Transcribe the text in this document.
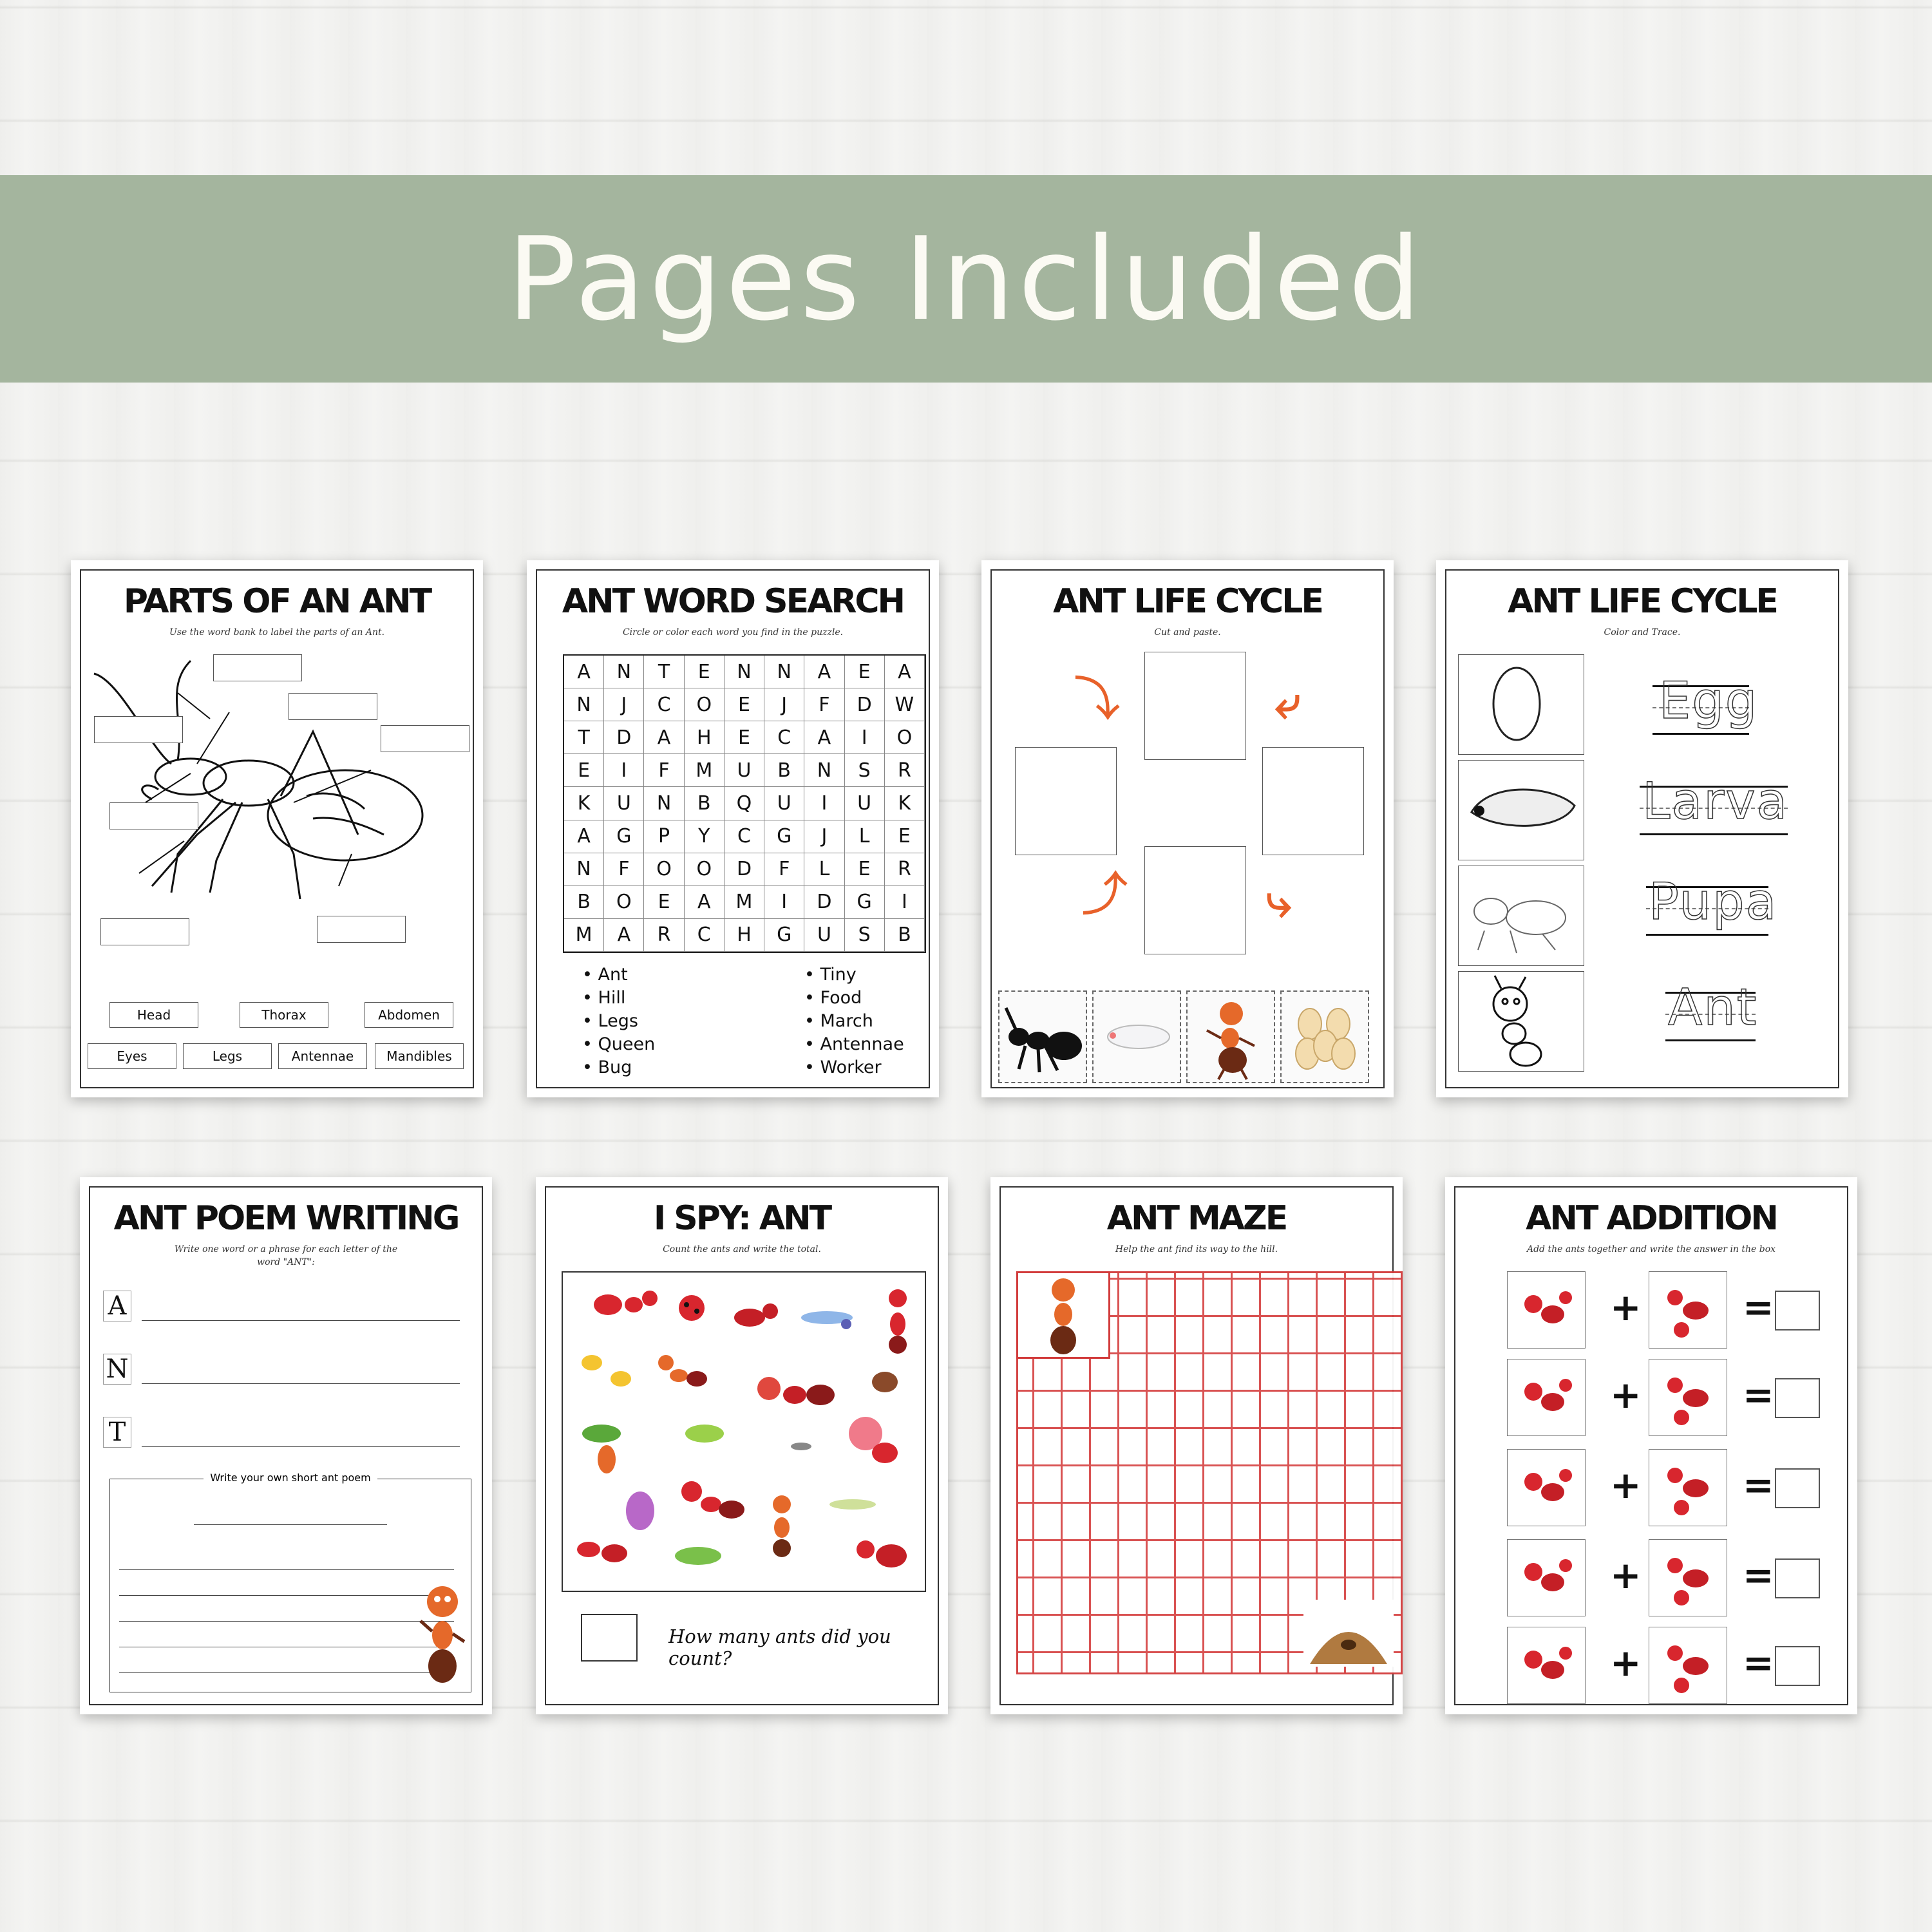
Pages Included
PARTS OF AN ANT
Use the word bank to label the parts of an Ant.
Head	Thorax	Abdomen
Eyes	Legs	Antennae	Mandibles
ANT WORD SEARCH
Circle or color each word you find in the puzzle.
A	N	T	E	N	N	A	E	A
N	J	C	O	E	J	F	D	W
T	D	A	H	E	C	A	I	O
E	I	F	M	U	B	N	S	R
K	U	N	B	Q	U	I	U	K
A	G	P	Y	C	G	J	L	E
N	F	O	O	D	F	L	E	R
B	O	E	A	M	I	D	G	I
M	A	R	C	H	G	U	S	B
• Ant
• Hill
• Legs
• Queen
• Bug
• Tiny
• Food
• March
• Antennae
• Worker
ANT LIFE CYCLE
Cut and paste.
⤵	⤶
⤷
⤴
ANT LIFE CYCLE
Color and Trace.
Egg
Larva
Pupa
Ant
ANT POEM WRITING
Write one word or a phrase for each letter of the
word "ANT":
A
N
T
Write your own short ant poem
I SPY: ANT
Count the ants and write the total.
How many ants did you count?
ANT MAZE
Help the ant find its way to the hill.
ANT ADDITION
Add the ants together and write the answer in the box
+	=
+	=
+	=
+	=
+	=
